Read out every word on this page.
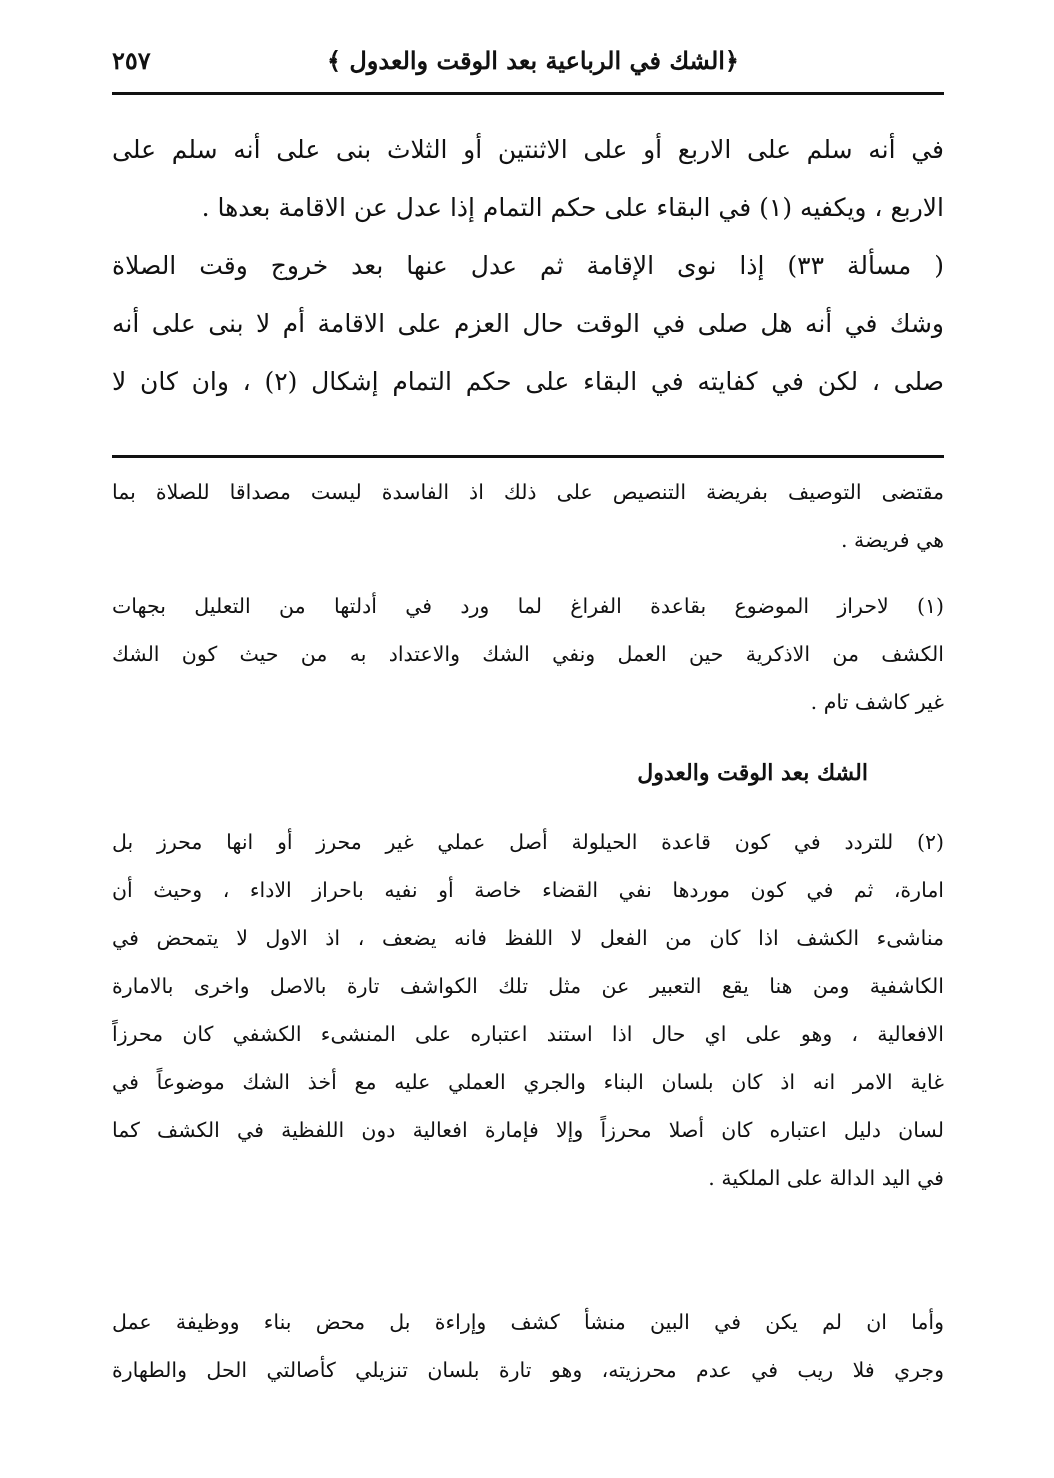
﴿الشك في الرباعية بعد الوقت والعدول ﴾
٢٥٧
في أنه سلم على الاربع أو على الاثنتين أو الثلاث بنى على أنه سلم على
الاربع ، ويكفيه (١) في البقاء على حكم التمام إذا عدل عن الاقامة بعدها .
( مسألة ٣٣) إذا نوى الإقامة ثم عدل عنها بعد خروج وقت الصلاة
وشك في أنه هل صلى في الوقت حال العزم على الاقامة أم لا بنى على أنه
صلى ، لكن في كفايته في البقاء على حكم التمام إشكال (٢) ، وان كان لا
مقتضى التوصيف بفريضة التنصيص على ذلك اذ الفاسدة ليست مصداقا للصلاة بما
هي فريضة .
(١) لاحراز الموضوع بقاعدة الفراغ لما ورد في أدلتها من التعليل بجهات
الكشف من الاذكرية حين العمل ونفي الشك والاعتداد به من حيث كون الشك
غير كاشف تام .
الشك بعد الوقت والعدول
(٢) للتردد في كون قاعدة الحيلولة أصل عملي غير محرز أو انها محرز بل
امارة، ثم في كون موردها نفي القضاء خاصة أو نفيه باحراز الاداء ، وحيث أن
مناشىء الكشف اذا كان من الفعل لا اللفظ فانه يضعف ، اذ الاول لا يتمحض في
الكاشفية ومن هنا يقع التعبير عن مثل تلك الكواشف تارة بالاصل واخرى بالامارة
الافعالية ، وهو على اي حال اذا استند اعتباره على المنشىء الكشفي كان محرزاً
غاية الامر انه اذ كان بلسان البناء والجري العملي عليه مع أخذ الشك موضوعاً في
لسان دليل اعتباره كان أصلا محرزاً وإلا فإمارة افعالية دون اللفظية في الكشف كما
في اليد الدالة على الملكية .
وأما ان لم يكن في البين منشأ كشف وإراءة بل محض بناء ووظيفة عمل
وجري فلا ريب في عدم محرزيته، وهو تارة بلسان تنزيلي كأصالتي الحل والطهارة
